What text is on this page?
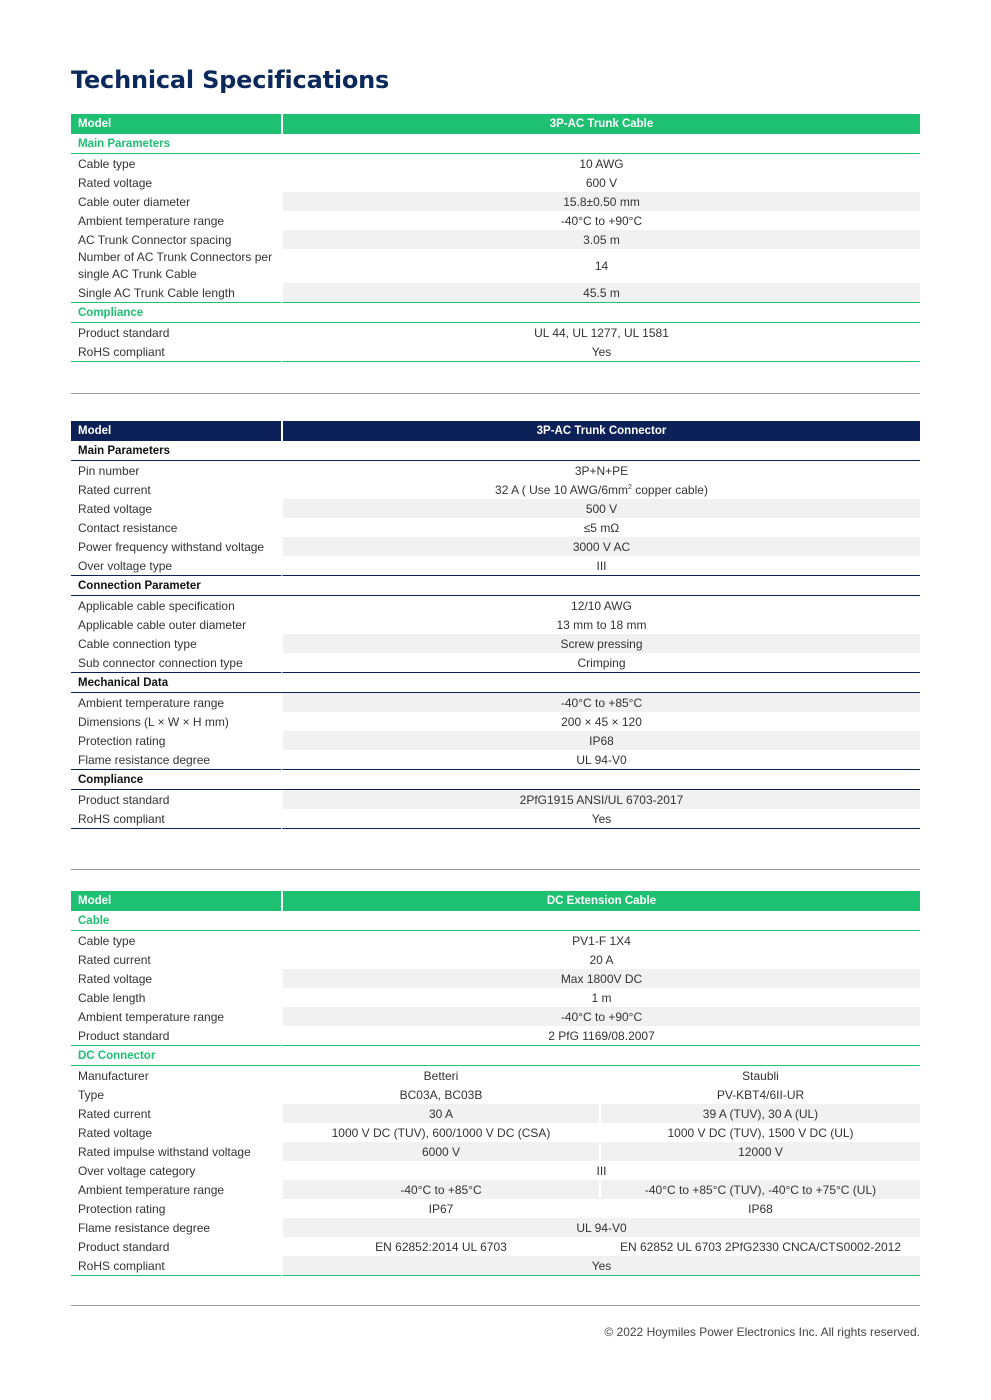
Technical Specifications
Model	3P-AC Trunk Cable
Main Parameters	
Cable type	10 AWG
Rated voltage	600 V
Cable outer diameter	15.8±0.50 mm
Ambient temperature range	-40°C to +90°C
AC Trunk Connector spacing	3.05 m
Number of AC Trunk Connectors per single AC Trunk Cable	14
Single AC Trunk Cable length	45.5 m
Compliance	
Product standard	UL 44, UL 1277, UL 1581
RoHS compliant	Yes
Model	3P-AC Trunk Connector
Main Parameters	
Pin number	3P+N+PE
Rated current	32 A ( Use 10 AWG/$6mm^2$ copper cable)
Rated voltage	500 V
Contact resistance	≤5 mΩ
Power frequency withstand voltage	3000 V AC
Over voltage type	III
Connection Parameter	
Applicable cable specification	12/10 AWG
Applicable cable outer diameter	13 mm to 18 mm
Cable connection type	Screw pressing
Sub connector connection type	Crimping
Mechanical Data	
Ambient temperature range	-40°C to +85°C
Dimensions (L × W × H mm)	200 × 45 × 120
Protection rating	IP68
Flame resistance degree	UL 94-V0
Compliance	
Product standard	2PfG1915 ANSI/UL 6703-2017
RoHS compliant	Yes
Model	DC Extension Cable	
Cable		
Cable type	PV1-F 1X4	
Rated current	20 A	
Rated voltage	Max 1800V DC	
Cable length	1 m	
Ambient temperature range	-40°C to +90°C	
Product standard	2 PfG 1169/08.2007	
DC Connector		
Manufacturer	Betteri	Staubli
Type	BC03A, BC03B	PV-KBT4/6II-UR
Rated current	30 A	39 A (TUV), 30 A (UL)
Rated voltage	1000 V DC (TUV), 600/1000 V DC (CSA)	1000 V DC (TUV), 1500 V DC (UL)
Rated impulse withstand voltage	6000 V	12000 V
Over voltage category	III	
Ambient temperature range	-40°C to +85°C	-40°C to +85°C (TUV), -40°C to +75°C (UL)
Protection rating	IP67	IP68
Flame resistance degree	UL 94-V0	
Product standard	EN 62852:2014 UL 6703	EN 62852 UL 6703 2PfG2330 CNCA/CTS0002-2012
RoHS compliant	Yes	
© 2022 Hoymiles Power Electronics Inc. All rights reserved.
